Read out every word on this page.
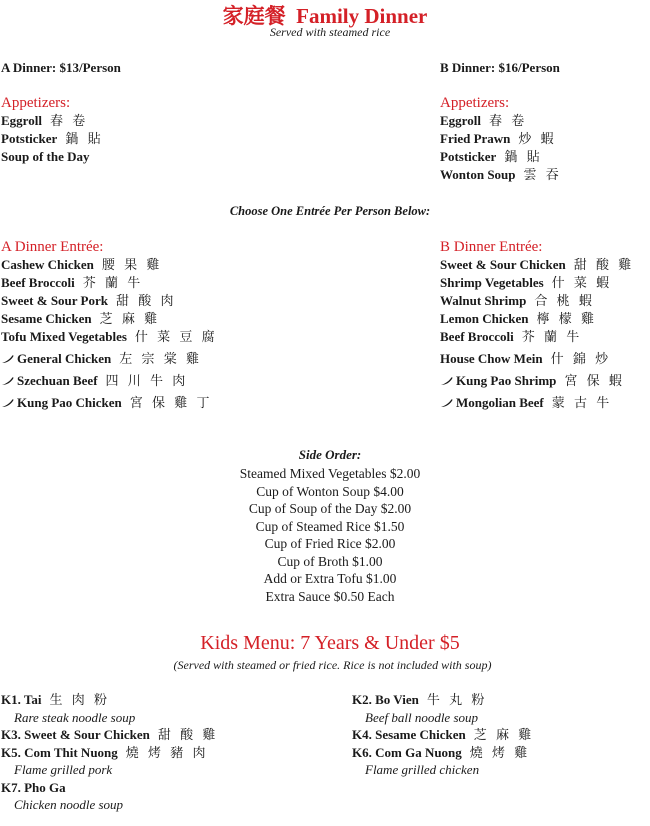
家庭餐 Family Dinner
Served with steamed rice
A Dinner: $13/Person	B Dinner: $16/Person
Appetizers:
Eggroll 春 卷
Potsticker 鍋 貼
Soup of the Day
Appetizers:
Eggroll 春 卷
Fried Prawn 炒 蝦
Potsticker 鍋 貼
Wonton Soup 雲 吞
Choose One Entrée Per Person Below:
A Dinner Entrée:
Cashew Chicken 腰 果 雞
Beef Broccoli 芥 蘭 牛
Sweet & Sour Pork 甜 酸 肉
Sesame Chicken 芝 麻 雞
Tofu Mixed Vegetables 什 菜 豆 腐
General Chicken 左 宗 棠 雞
Szechuan Beef 四 川 牛 肉
Kung Pao Chicken 宮 保 雞 丁
B Dinner Entrée:
Sweet & Sour Chicken 甜 酸 雞
Shrimp Vegetables 什 菜 蝦
Walnut Shrimp 合 桃 蝦
Lemon Chicken 檸 檬 雞
Beef Broccoli 芥 蘭 牛
House Chow Mein 什 錦 炒
Kung Pao Shrimp 宮 保 蝦
Mongolian Beef 蒙 古 牛
Side Order:
Steamed Mixed Vegetables $2.00
Cup of Wonton Soup $4.00
Cup of Soup of the Day $2.00
Cup of Steamed Rice $1.50
Cup of Fried Rice $2.00
Cup of Broth $1.00
Add or Extra Tofu $1.00
Extra Sauce $0.50 Each
Kids Menu: 7 Years & Under $5
(Served with steamed or fried rice. Rice is not included with soup)
K1. Tai 生 肉 粉
Rare steak noodle soup
K3. Sweet & Sour Chicken 甜 酸 雞
K5. Com Thit Nuong 燒 烤 豬 肉
Flame grilled pork
K7. Pho Ga
Chicken noodle soup
K2. Bo Vien 牛 丸 粉
Beef ball noodle soup
K4. Sesame Chicken 芝 麻 雞
K6. Com Ga Nuong 燒 烤 雞
Flame grilled chicken
